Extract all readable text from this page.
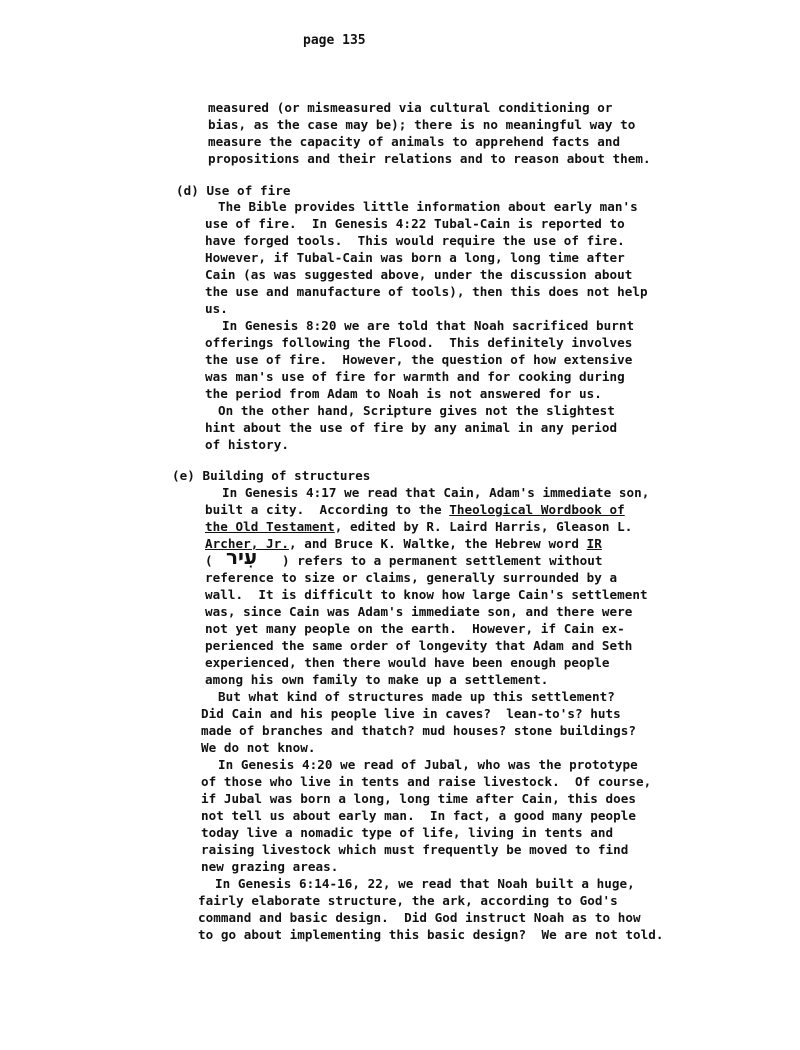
page 135
measured (or mismeasured via cultural conditioning or
bias, as the case may be); there is no meaningful way to
measure the capacity of animals to apprehend facts and
propositions and their relations and to reason about them.
(d) Use of fire
The Bible provides little information about early man's
use of fire.  In Genesis 4:22 Tubal-Cain is reported to
have forged tools.  This would require the use of fire.
However, if Tubal-Cain was born a long, long time after
Cain (as was suggested above, under the discussion about
the use and manufacture of tools), then this does not help
us.
In Genesis 8:20 we are told that Noah sacrificed burnt
offerings following the Flood.  This definitely involves
the use of fire.  However, the question of how extensive
was man's use of fire for warmth and for cooking during
the period from Adam to Noah is not answered for us.
On the other hand, Scripture gives not the slightest
hint about the use of fire by any animal in any period
of history.
(e) Building of structures
In Genesis 4:17 we read that Cain, Adam's immediate son,
built a city.  According to the Theological Wordbook of
the Old Testament, edited by R. Laird Harris, Gleason L.
Archer, Jr., and Bruce K. Waltke, the Hebrew word IR
( עִיר ) refers to a permanent settlement without
reference to size or claims, generally surrounded by a
wall.  It is difficult to know how large Cain's settlement
was, since Cain was Adam's immediate son, and there were
not yet many people on the earth.  However, if Cain ex-
perienced the same order of longevity that Adam and Seth
experienced, then there would have been enough people
among his own family to make up a settlement.
But what kind of structures made up this settlement?
Did Cain and his people live in caves?  lean-to's? huts
made of branches and thatch? mud houses? stone buildings?
We do not know.
In Genesis 4:20 we read of Jubal, who was the prototype
of those who live in tents and raise livestock.  Of course,
if Jubal was born a long, long time after Cain, this does
not tell us about early man.  In fact, a good many people
today live a nomadic type of life, living in tents and
raising livestock which must frequently be moved to find
new grazing areas.
In Genesis 6:14-16, 22, we read that Noah built a huge,
fairly elaborate structure, the ark, according to God's
command and basic design.  Did God instruct Noah as to how
to go about implementing this basic design?  We are not told.
